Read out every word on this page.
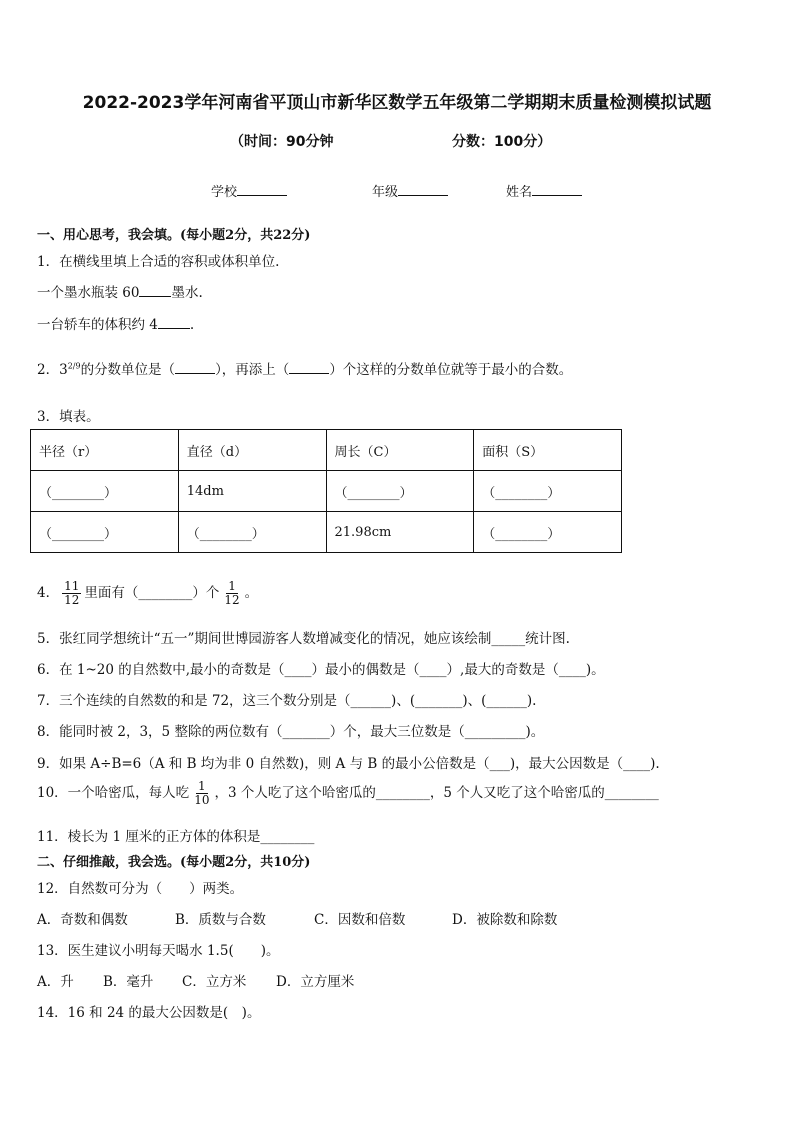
2022-2023学年河南省平顶山市新华区数学五年级第二学期期末质量检测模拟试题
（时间：90分钟	分数：100分）
学校	年级	姓名
一、用心思考，我会填。(每小题2分，共22分)
1．在横线里填上合适的容积或体积单位.
一个墨水瓶装 60 墨水.
一台轿车的体积约 4 .
2．$3^{2/9}$的分数单位是（	），再添上（	）个这样的分数单位就等于最小的合数。
3．填表。
半径（r）	直径（d）	周长（C）	面积（S）
（________）	14dm	（________）	（________）
（________）	（________）	21.98cm	（________）
4． $\frac{11}{12}$ 里面有（________）个 $\frac{1}{12}$ 。
5．张红同学想统计“五一”期间世博园游客人数增减变化的情况，她应该绘制_____统计图.
6．在 1~20 的自然数中,最小的奇数是（____）最小的偶数是（____）,最大的奇数是（____)。
7．三个连续的自然数的和是 72，这三个数分别是（______)、(_______)、(______).
8．能同时被 2，3，5 整除的两位数有（_______）个，最大三位数是（_________)。
9．如果 A÷B=6（A 和 B 均为非 0 自然数)，则 A 与 B 的最小公倍数是（___)，最大公因数是（____).
10．一个哈密瓜，每人吃 $\frac{1}{10}$ ，3 个人吃了这个哈密瓜的________，5 个人又吃了这个哈密瓜的________
11．棱长为 1 厘米的正方体的体积是________
二、仔细推敲，我会选。(每小题2分，共10分)
12．自然数可分为（　　）两类。
A．奇数和偶数	B．质数与合数	C．因数和倍数	D．被除数和除数
13．医生建议小明每天喝水 1.5(　　)。
A．升 B．毫升 C．立方米 D．立方厘米
14．16 和 24 的最大公因数是(　)。
